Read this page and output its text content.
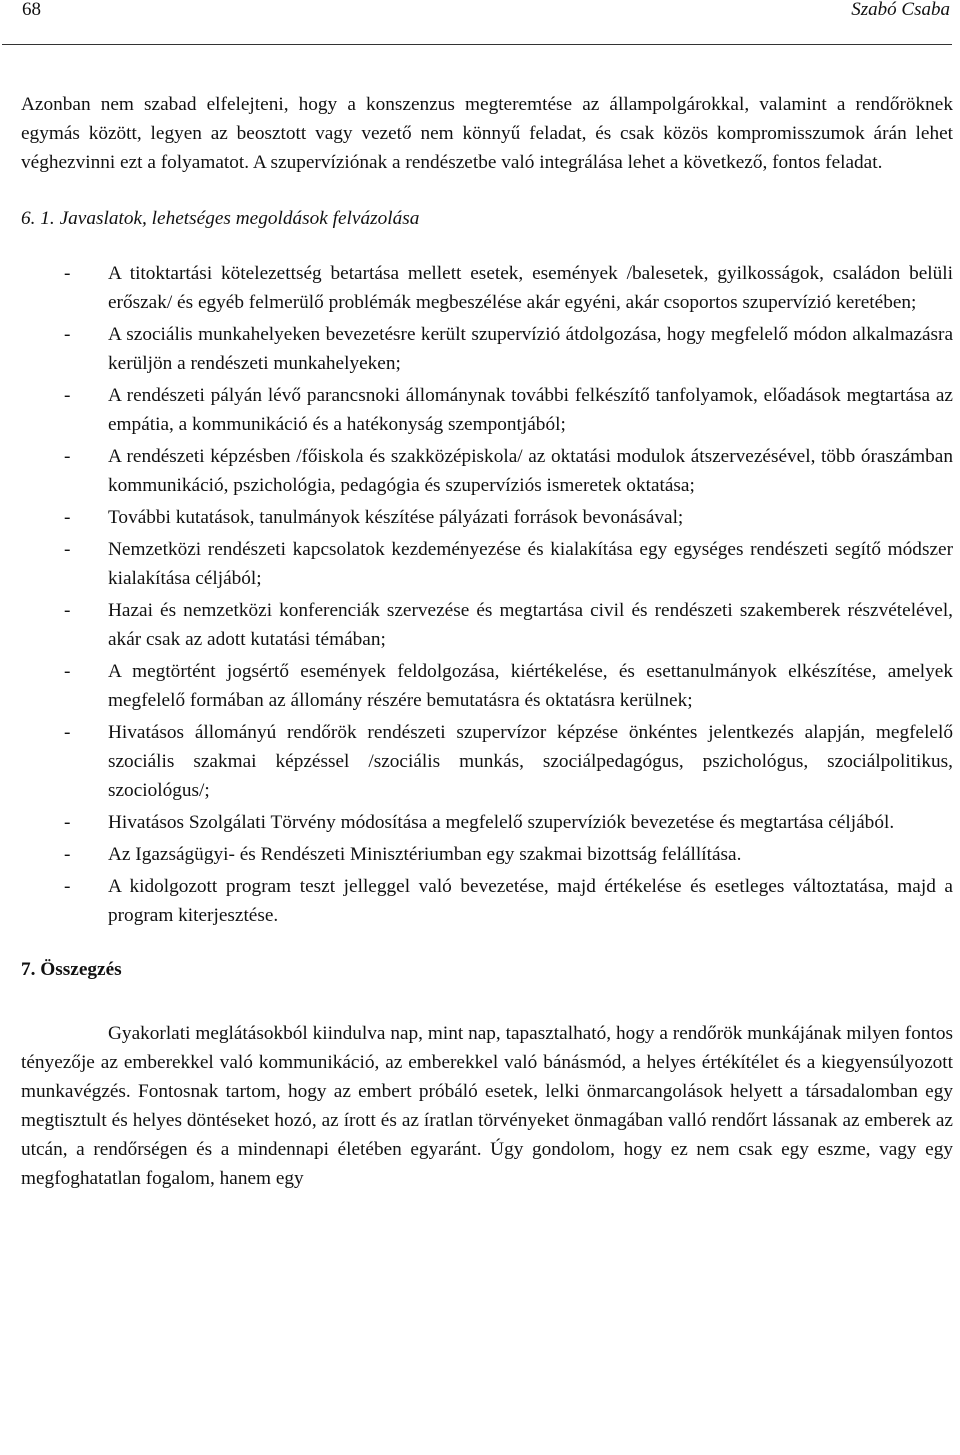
68	Szabó Csaba

Azonban nem szabad elfelejteni, hogy a konszenzus megteremtése az állampolgárokkal, valamint a rendőröknek egymás között, legyen az beosztott vagy vezető nem könnyű feladat, és csak közös kompromisszumok árán lehet véghezvinni ezt a folyamatot. A szupervíziónak a rendészetbe való integrálása lehet a következő, fontos feladat.

6. 1. Javaslatok, lehetséges megoldások felvázolása

- A titoktartási kötelezettség betartása mellett esetek, események /balesetek, gyilkosságok, családon belüli erőszak/ és egyéb felmerülő problémák megbeszélése akár egyéni, akár csoportos szupervízió keretében;
- A szociális munkahelyeken bevezetésre került szupervízió átdolgozása, hogy megfelelő módon alkalmazásra kerüljön a rendészeti munkahelyeken;
- A rendészeti pályán lévő parancsnoki állománynak további felkészítő tanfolyamok, előadások megtartása az empátia, a kommunikáció és a hatékonyság szempontjából;
- A rendészeti képzésben /főiskola és szakközépiskola/ az oktatási modulok átszervezésével, több óraszámban kommunikáció, pszichológia, pedagógia és szupervíziós ismeretek oktatása;
- További kutatások, tanulmányok készítése pályázati források bevonásával;
- Nemzetközi rendészeti kapcsolatok kezdeményezése és kialakítása egy egységes rendészeti segítő módszer kialakítása céljából;
- Hazai és nemzetközi konferenciák szervezése és megtartása civil és rendészeti szakemberek részvételével, akár csak az adott kutatási témában;
- A megtörtént jogsértő események feldolgozása, kiértékelése, és esettanulmányok elkészítése, amelyek megfelelő formában az állomány részére bemutatásra és oktatásra kerülnek;
- Hivatásos állományú rendőrök rendészeti szupervízor képzése önkéntes jelentkezés alapján, megfelelő szociális szakmai képzéssel /szociális munkás, szociálpedagógus, pszichológus, szociálpolitikus, szociológus/;
- Hivatásos Szolgálati Törvény módosítása a megfelelő szupervíziók bevezetése és megtartása céljából.
- Az Igazságügyi- és Rendészeti Minisztériumban egy szakmai bizottság felállítása.
- A kidolgozott program teszt jelleggel való bevezetése, majd értékelése és esetleges változtatása, majd a program kiterjesztése.

7. Összegzés

Gyakorlati meglátásokból kiindulva nap, mint nap, tapasztalható, hogy a rendőrök munkájának milyen fontos tényezője az emberekkel való kommunikáció, az emberekkel való bánásmód, a helyes értékítélet és a kiegyensúlyozott munkavégzés. Fontosnak tartom, hogy az embert próbáló esetek, lelki önmarcangolások helyett a társadalomban egy megtisztult és helyes döntéseket hozó, az írott és az íratlan törvényeket önmagában valló rendőrt lássanak az emberek az utcán, a rendőrségen és a mindennapi életében egyaránt. Úgy gondolom, hogy ez nem csak egy eszme, vagy egy megfoghatatlan fogalom, hanem egy
